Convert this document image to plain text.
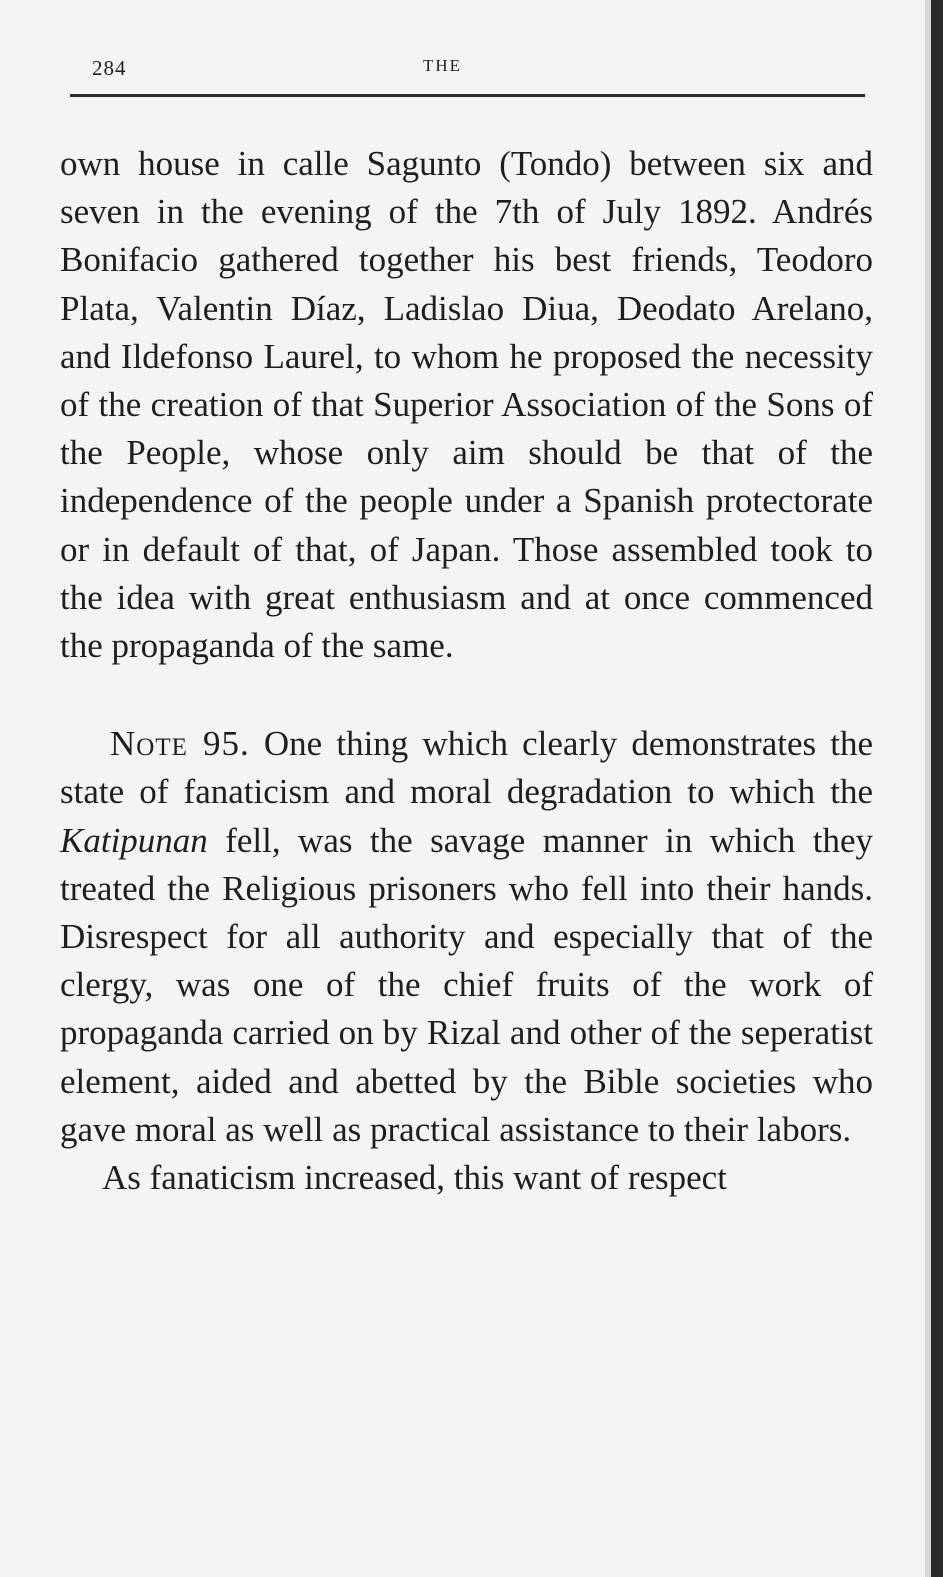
284	THE

own house in calle Sagunto (Tondo) between six and seven in the evening of the 7th of July 1892. Andrés Bonifacio gathered together his best friends, Teodoro Plata, Valentin Díaz, Ladislao Diua, Deodato Arelano, and Ildefonso Laurel, to whom he proposed the necessity of the creation of that Superior Association of the Sons of the People, whose only aim should be that of the independence of the people under a Spanish protectorate or in default of that, of Japan. Those assembled took to the idea with great enthusiasm and at once commenced the propaganda of the same.

Note 95. One thing which clearly demonstrates the state of fanaticism and moral degradation to which the Katipunan fell, was the savage manner in which they treated the Religious prisoners who fell into their hands. Disrespect for all authority and especially that of the clergy, was one of the chief fruits of the work of propaganda carried on by Rizal and other of the seperatist element, aided and abetted by the Bible societies who gave moral as well as practical assistance to their labors.

As fanaticism increased, this want of respect
